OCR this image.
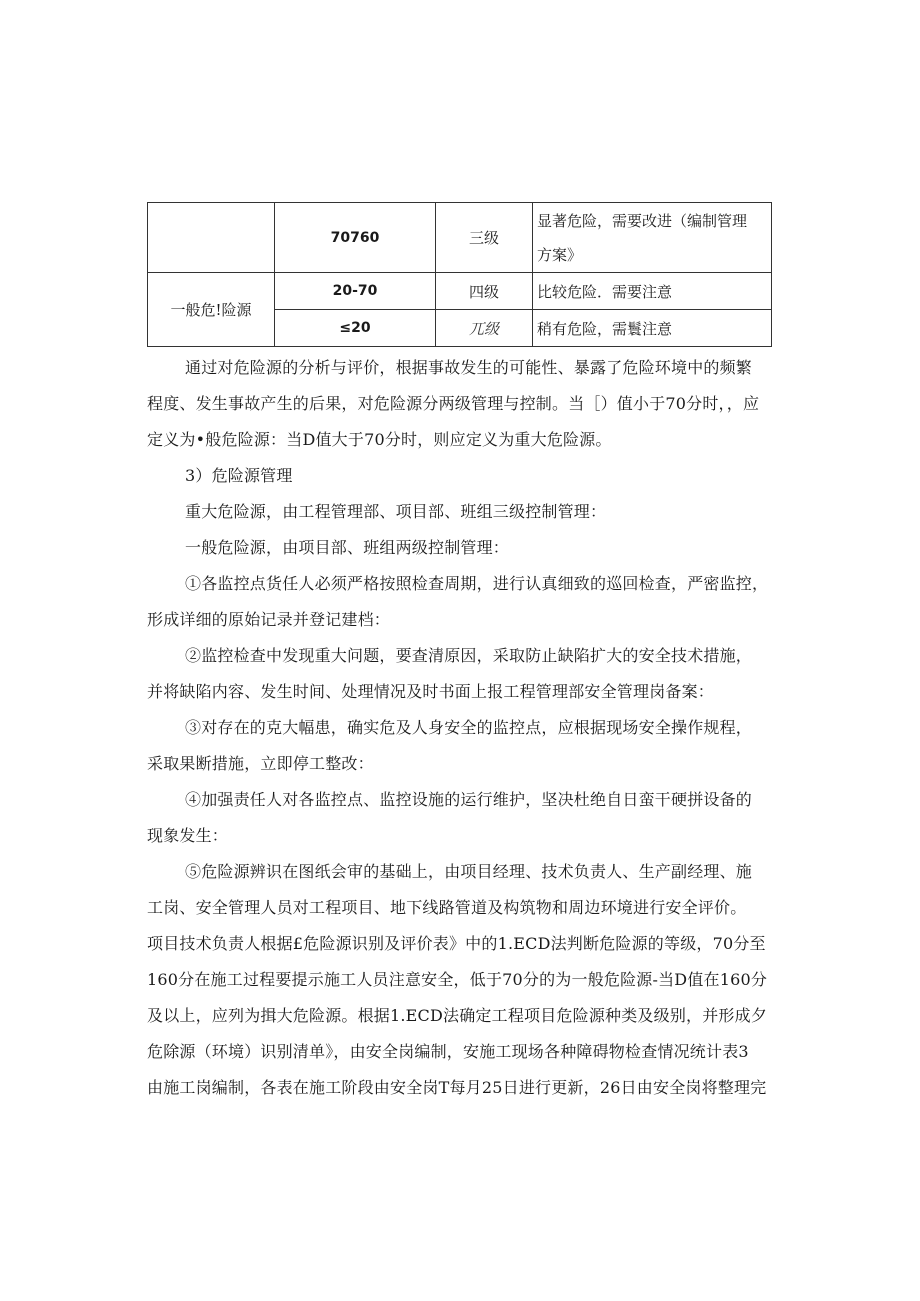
	70760	三级	显著危险，需要改进（编制管理
方案》

一般危!险源	20-70	四级	比较危险．需要注意
	≤20	兀级	稍有危险，需鬟注意
通过对危险源的分析与评价，根据事故发生的可能性、暴露了危险环境中的频繁
程度、发生事故产生的后果，对危险源分两级管理与控制。当［）值小于70分时，，应
定义为•般危险源：当D值大于70分时，则应定义为重大危险源。
3）危险源管理
重大危险源，由工程管理部、项目部、班组三级控制管理：
一般危险源，由项目部、班组两级控制管理：
①各监控点货任人必须严格按照检查周期，进行认真细致的巡回检查，严密监控，
形成详细的原始记录并登记建档：
②监控检查中发现重大问题，要查清原因，采取防止缺陷扩大的安全技术措施，
并将缺陷内容、发生时间、处理情况及时书面上报工程管理部安全管理岗备案：
③对存在的克大幅患，确实危及人身安全的监控点，应根据现场安全操作规程，
采取果断措施，立即停工整改：
④加强责任人对各监控点、监控设施的运行维护，坚决杜绝自日蛮干硬拼设备的
现象发生：
⑤危险源辨识在图纸会审的基础上，由项目经理、技术负责人、生产副经理、施
工岗、安全管理人员对工程项目、地下线路管道及构筑物和周边环境进行安全评价。
项目技术负责人根据£危险源识别及评价表》中的1.ECD法判断危险源的等级，70分至
160分在施工过程要提示施工人员注意安全，低于70分的为一般危险源-当D值在160分
及以上，应列为揖大危险源。根据1.ECD法确定工程项目危险源种类及级别，并形成夕
危除源（环境）识别清单》，由安全岗编制，安施工现场各种障碍物检查情况统计表3
由施工岗编制，各表在施工阶段由安全岗T每月25日进行更新，26日由安全岗将整理完
